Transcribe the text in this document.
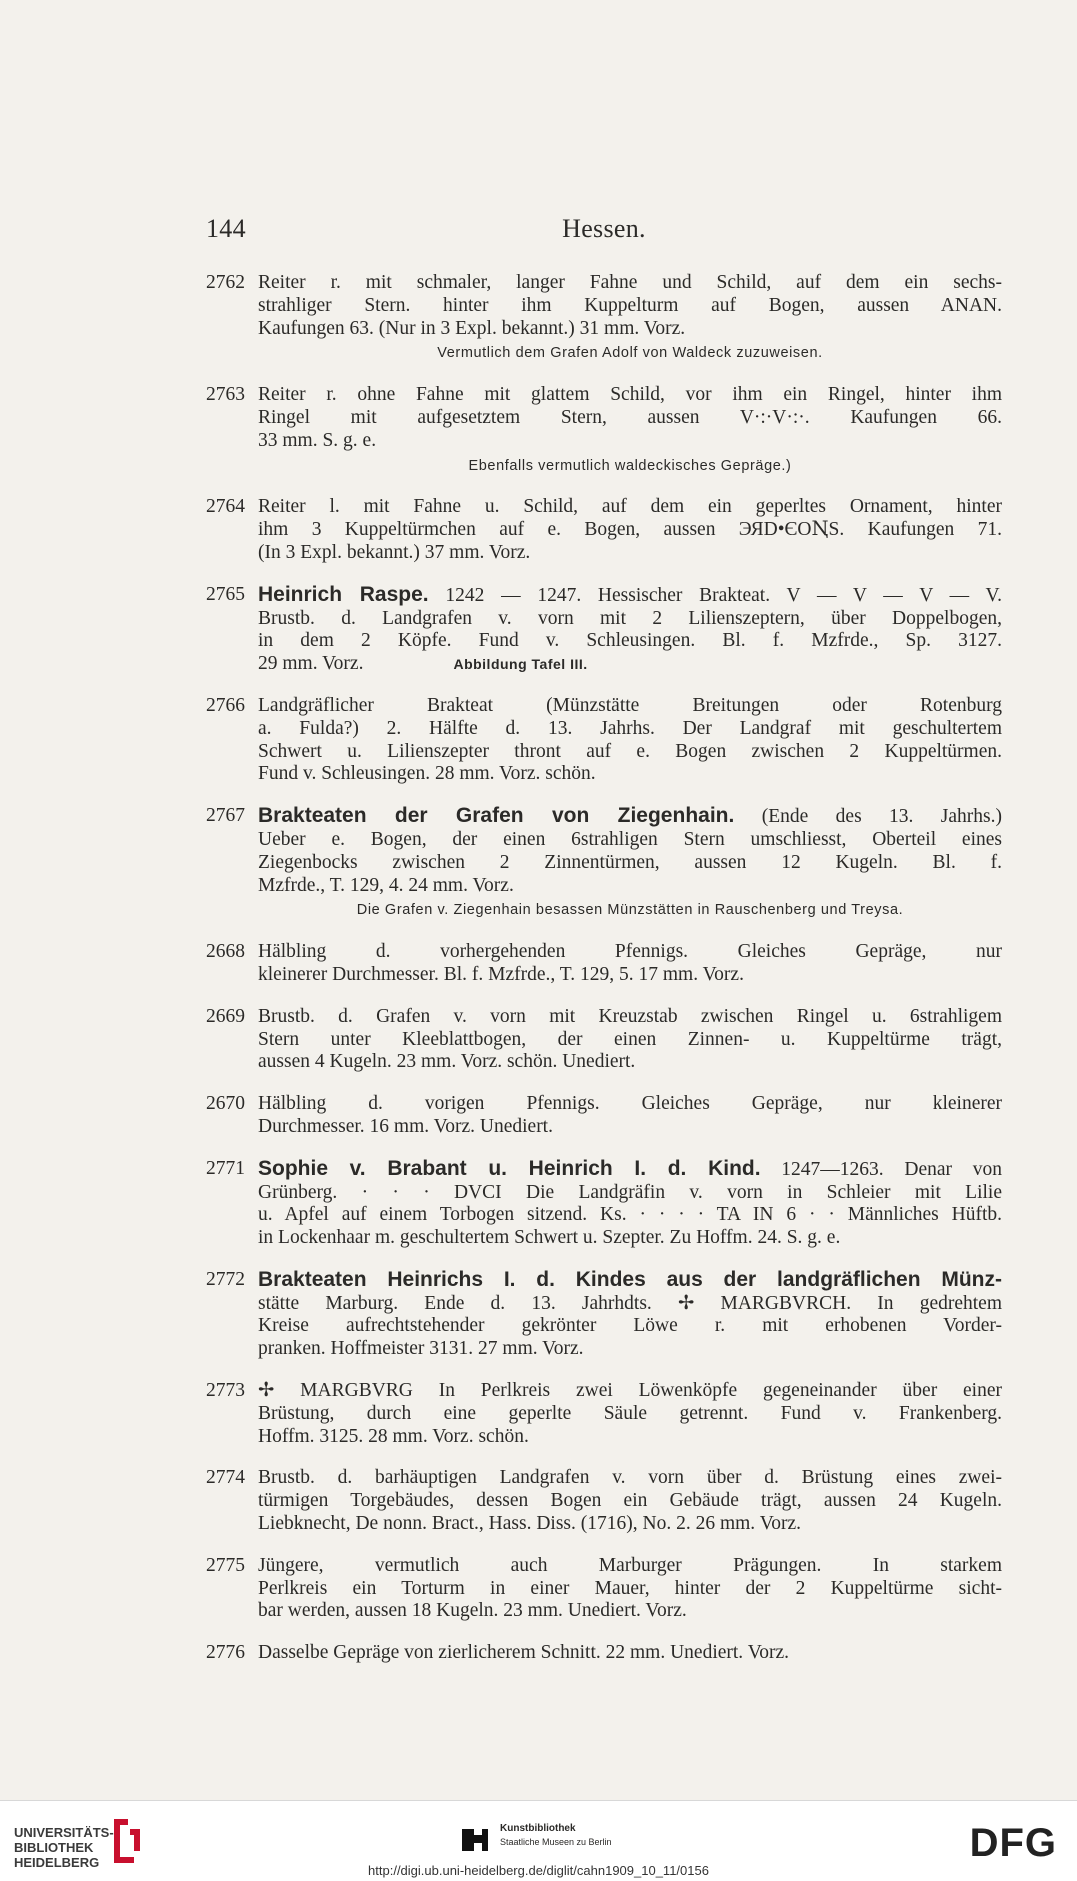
144	Hessen.
2762 Reiter r. mit schmaler, langer Fahne und Schild, auf dem ein sechs-
strahliger Stern. hinter ihm Kuppelturm auf Bogen, aussen ANAN.
Kaufungen 63. (Nur in 3 Expl. bekannt.) 31 mm. Vorz.
Vermutlich dem Grafen Adolf von Waldeck zuzuweisen.
2763 Reiter r. ohne Fahne mit glattem Schild, vor ihm ein Ringel, hinter ihm
Ringel mit aufgesetztem Stern, aussen V·:·V·:·. Kaufungen 66.
33 mm. S. g. e.
Ebenfalls vermutlich waldeckisches Gepräge.)
2764 Reiter l. mit Fahne u. Schild, auf dem ein geperltes Ornament, hinter
ihm 3 Kuppeltürmchen auf e. Bogen, aussen ЭЯD•ЄOꞐS. Kaufungen 71.
(In 3 Expl. bekannt.) 37 mm. Vorz.
2765 Heinrich Raspe. 1242 — 1247. Hessischer Brakteat. V — V — V — V.
Brustb. d. Landgrafen v. vorn mit 2 Lilienszeptern, über Doppelbogen,
in dem 2 Köpfe. Fund v. Schleusingen. Bl. f. Mzfrde., Sp. 3127.
29 mm. Vorz.	Abbildung Tafel III.
2766 Landgräflicher Brakteat (Münzstätte Breitungen oder Rotenburg
a. Fulda?) 2. Hälfte d. 13. Jahrhs. Der Landgraf mit geschultertem
Schwert u. Lilienszepter thront auf e. Bogen zwischen 2 Kuppeltürmen.
Fund v. Schleusingen. 28 mm. Vorz. schön.
2767 Brakteaten der Grafen von Ziegenhain. (Ende des 13. Jahrhs.)
Ueber e. Bogen, der einen 6strahligen Stern umschliesst, Oberteil eines
Ziegenbocks zwischen 2 Zinnentürmen, aussen 12 Kugeln. Bl. f.
Mzfrde., T. 129, 4. 24 mm. Vorz.
Die Grafen v. Ziegenhain besassen Münzstätten in Rauschenberg und Treysa.
2668 Hälbling d. vorhergehenden Pfennigs. Gleiches Gepräge, nur
kleinerer Durchmesser. Bl. f. Mzfrde., T. 129, 5. 17 mm. Vorz.
2669 Brustb. d. Grafen v. vorn mit Kreuzstab zwischen Ringel u. 6strahligem
Stern unter Kleeblattbogen, der einen Zinnen- u. Kuppeltürme trägt,
aussen 4 Kugeln. 23 mm. Vorz. schön. Unediert.
2670 Hälbling d. vorigen Pfennigs. Gleiches Gepräge, nur kleinerer
Durchmesser. 16 mm. Vorz. Unediert.
2771 Sophie v. Brabant u. Heinrich I. d. Kind. 1247—1263. Denar von
Grünberg. · · · DVCI Die Landgräfin v. vorn in Schleier mit Lilie
u. Apfel auf einem Torbogen sitzend. Ks. · · · · TA IN 6 · · Männliches Hüftb.
in Lockenhaar m. geschultertem Schwert u. Szepter. Zu Hoffm. 24. S. g. e.
2772 Brakteaten Heinrichs I. d. Kindes aus der landgräflichen Münz-
stätte Marburg. Ende d. 13. Jahrhdts. ✢ MARGBVRCH. In gedrehtem
Kreise aufrechtstehender gekrönter Löwe r. mit erhobenen Vorder-
pranken. Hoffmeister 3131. 27 mm. Vorz.
2773 ✢ MARGBVRG In Perlkreis zwei Löwenköpfe gegeneinander über einer
Brüstung, durch eine geperlte Säule getrennt. Fund v. Frankenberg.
Hoffm. 3125. 28 mm. Vorz. schön.
2774 Brustb. d. barhäuptigen Landgrafen v. vorn über d. Brüstung eines zwei-
türmigen Torgebäudes, dessen Bogen ein Gebäude trägt, aussen 24 Kugeln.
Liebknecht, De nonn. Bract., Hass. Diss. (1716), No. 2. 26 mm. Vorz.
2775 Jüngere, vermutlich auch Marburger Prägungen. In starkem
Perlkreis ein Torturm in einer Mauer, hinter der 2 Kuppeltürme sicht-
bar werden, aussen 18 Kugeln. 23 mm. Unediert. Vorz.
2776 Dasselbe Gepräge von zierlicherem Schnitt. 22 mm. Unediert. Vorz.
UNIVERSITÄTS-
BIBLIOTHEK
HEIDELBERG
Kunstbibliothek
Staatliche Museen zu Berlin	DFG
http://digi.ub.uni-heidelberg.de/diglit/cahn1909_10_11/0156
